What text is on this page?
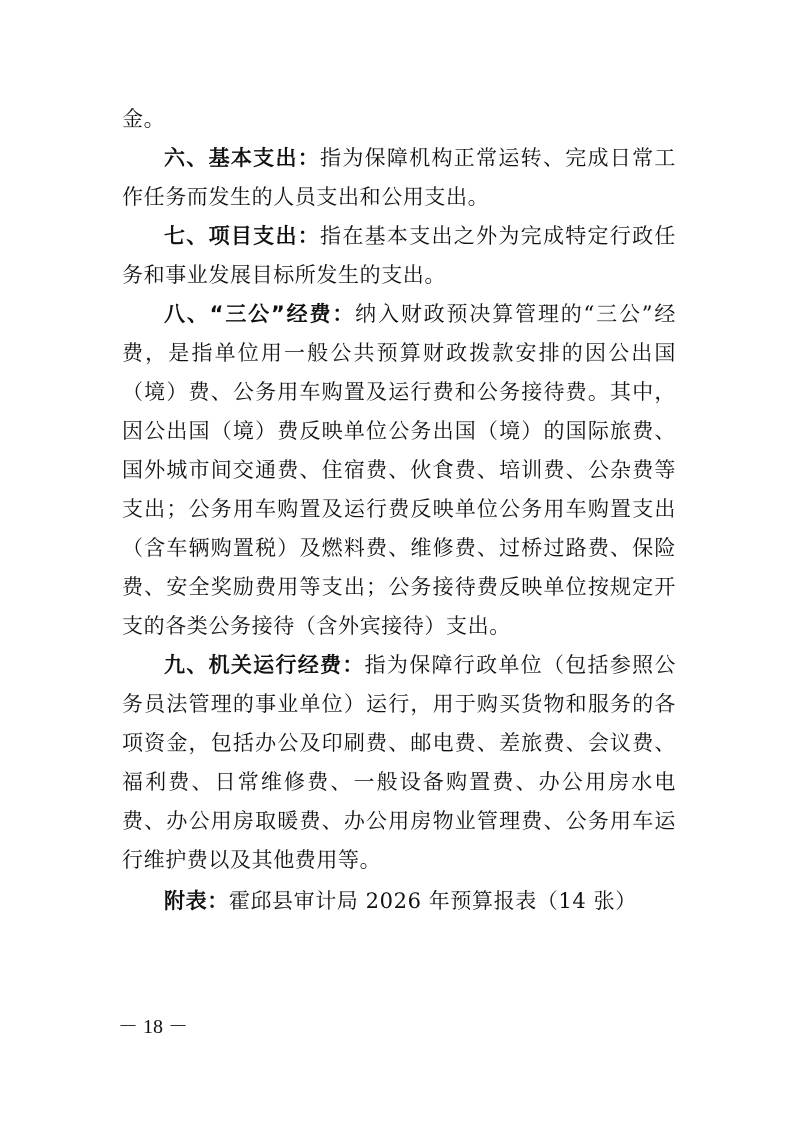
金。

六、基本支出：指为保障机构正常运转、完成日常工作任务而发生的人员支出和公用支出。

七、项目支出：指在基本支出之外为完成特定行政任务和事业发展目标所发生的支出。

八、“三公”经费：纳入财政预决算管理的“三公”经费，是指单位用一般公共预算财政拨款安排的因公出国（境）费、公务用车购置及运行费和公务接待费。其中，因公出国（境）费反映单位公务出国（境）的国际旅费、国外城市间交通费、住宿费、伙食费、培训费、公杂费等支出；公务用车购置及运行费反映单位公务用车购置支出（含车辆购置税）及燃料费、维修费、过桥过路费、保险费、安全奖励费用等支出；公务接待费反映单位按规定开支的各类公务接待（含外宾接待）支出。

九、机关运行经费：指为保障行政单位（包括参照公务员法管理的事业单位）运行，用于购买货物和服务的各项资金，包括办公及印刷费、邮电费、差旅费、会议费、福利费、日常维修费、一般设备购置费、办公用房水电费、办公用房取暖费、办公用房物业管理费、公务用车运行维护费以及其他费用等。

附表：霍邱县审计局 2026 年预算报表（14 张）

－ 18 －
